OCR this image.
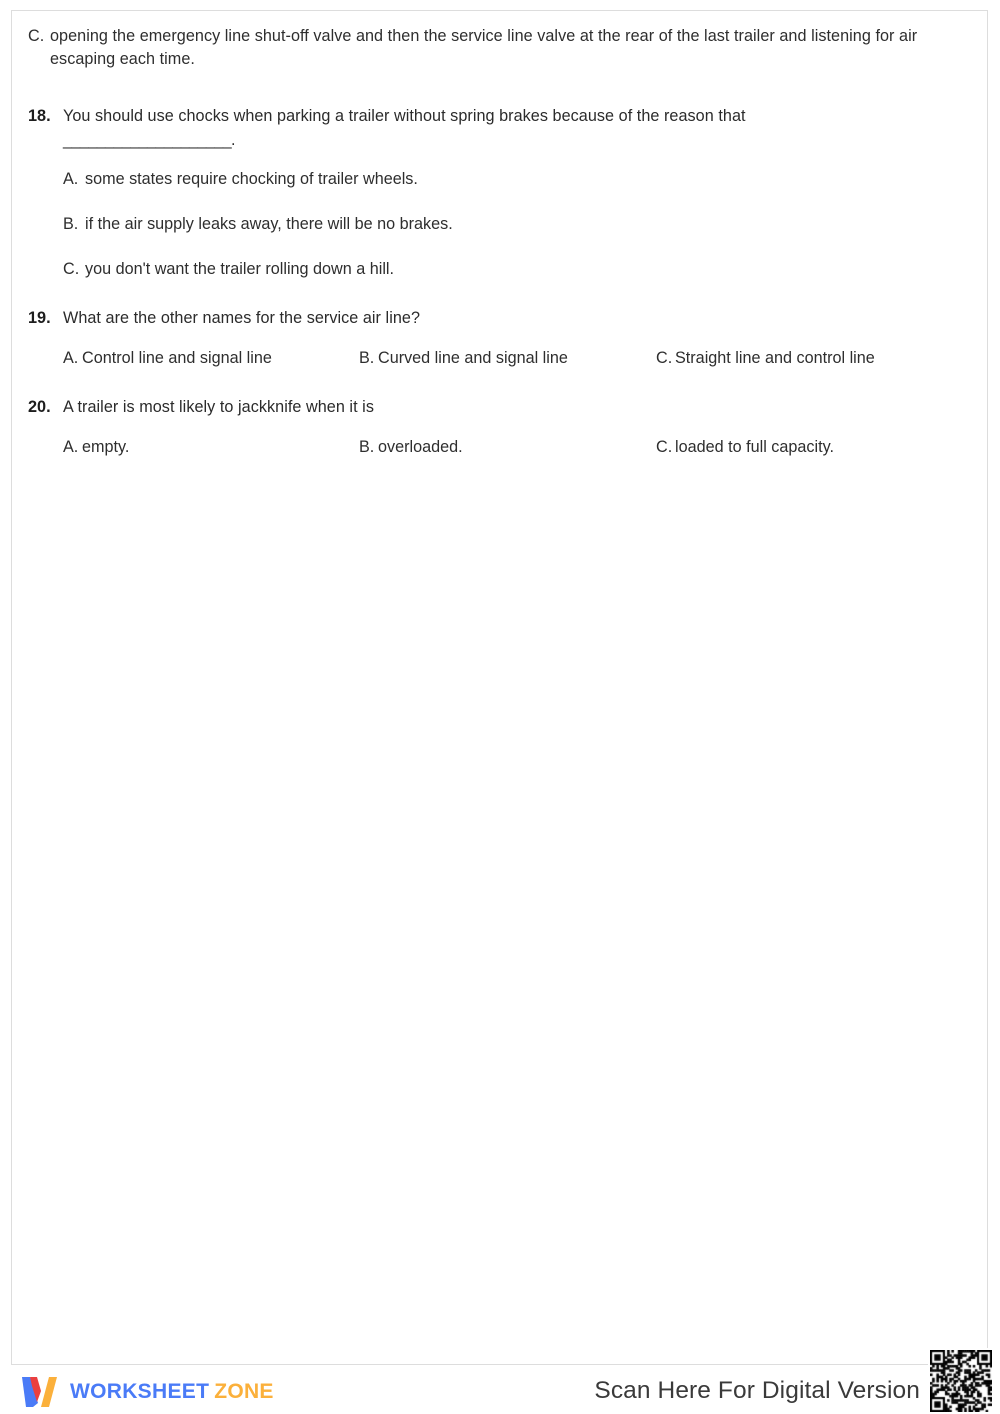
C. opening the emergency line shut-off valve and then the service line valve at the rear of the last trailer and listening for air escaping each time.
18. You should use chocks when parking a trailer without spring brakes because of the reason that
____________________.
A. some states require chocking of trailer wheels.
B. if the air supply leaks away, there will be no brakes.
C. you don't want the trailer rolling down a hill.
19. What are the other names for the service air line?
A. Control line and signal line	B. Curved line and signal line	C. Straight line and control line
20. A trailer is most likely to jackknife when it is
A. empty.	B. overloaded.	C. loaded to full capacity.
WORKSHEET ZONE	Scan Here For Digital Version
